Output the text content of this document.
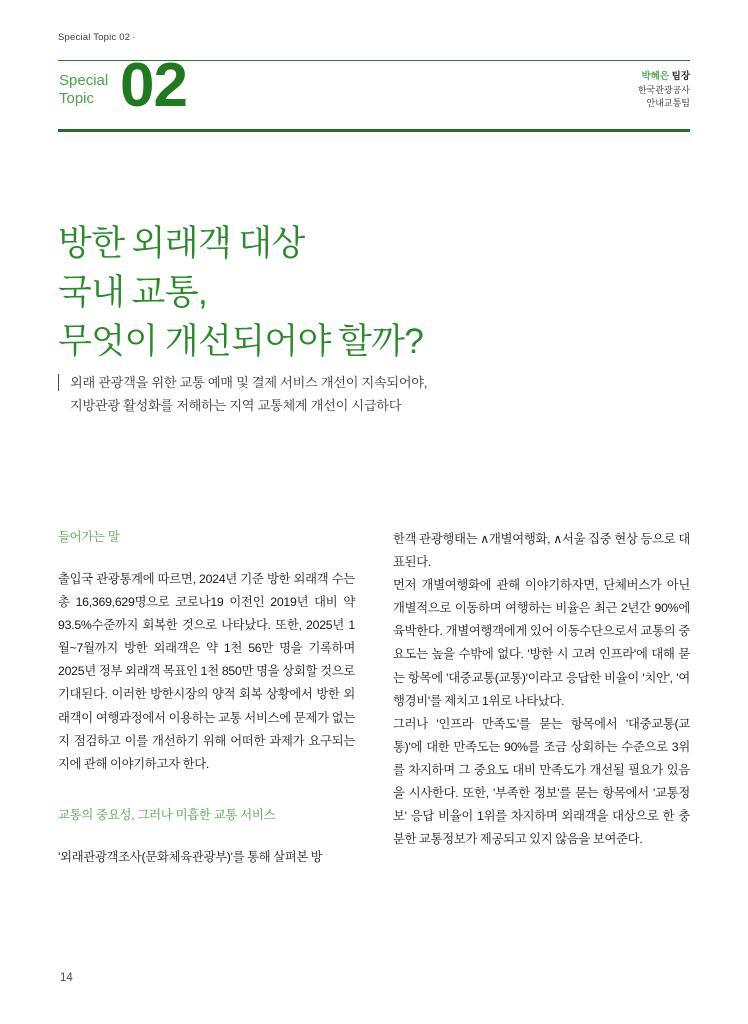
Special Topic 02 ·
Special
Topic 02	박혜은 팀장
한국관광공사
안내교통팀
방한 외래객 대상
국내 교통,
무엇이 개선되어야 할까?
외래 관광객을 위한 교통 예매 및 결제 서비스 개선이 지속되어야,
지방관광 활성화를 저해하는 지역 교통체계 개선이 시급하다
들어가는 말

출입국 관광통계에 따르면, 2024년 기준 방한 외래객 수는 총 16,369,629명으로 코로나19 이전인 2019년 대비 약 93.5%수준까지 회복한 것으로 나타났다. 또한, 2025년 1월~7월까지 방한 외래객은 약 1천 56만 명을 기록하며 2025년 정부 외래객 목표인 1천 850만 명을 상회할 것으로 기대된다. 이러한 방한시장의 양적 회복 상황에서 방한 외래객이 여행과정에서 이용하는 교통 서비스에 문제가 없는지 점검하고 이를 개선하기 위해 어떠한 과제가 요구되는지에 관해 이야기하고자 한다.

교통의 중요성, 그러나 미흡한 교통 서비스

'외래관광객조사(문화체육관광부)'를 통해 살펴본 방

한객 관광행태는 ∧개별여행화, ∧서울 집중 현상 등으로 대표된다.

먼저 개별여행화에 관해 이야기하자면, 단체버스가 아닌 개별적으로 이동하며 여행하는 비율은 최근 2년간 90%에 육박한다. 개별여행객에게 있어 이동수단으로서 교통의 중요도는 높을 수밖에 없다. '방한 시 고려 인프라'에 대해 묻는 항목에 '대중교통(교통)'이라고 응답한 비율이 '치안', '여행경비'를 제치고 1위로 나타났다.

그러나 '인프라 만족도'를 묻는 항목에서 '대중교통(교통)'에 대한 만족도는 90%를 조금 상회하는 수준으로 3위를 차지하며 그 중요도 대비 만족도가 개선될 필요가 있음을 시사한다. 또한, '부족한 정보'를 묻는 항목에서 '교통정보' 응답 비율이 1위를 차지하며 외래객을 대상으로 한 충분한 교통정보가 제공되고 있지 않음을 보여준다.

14
